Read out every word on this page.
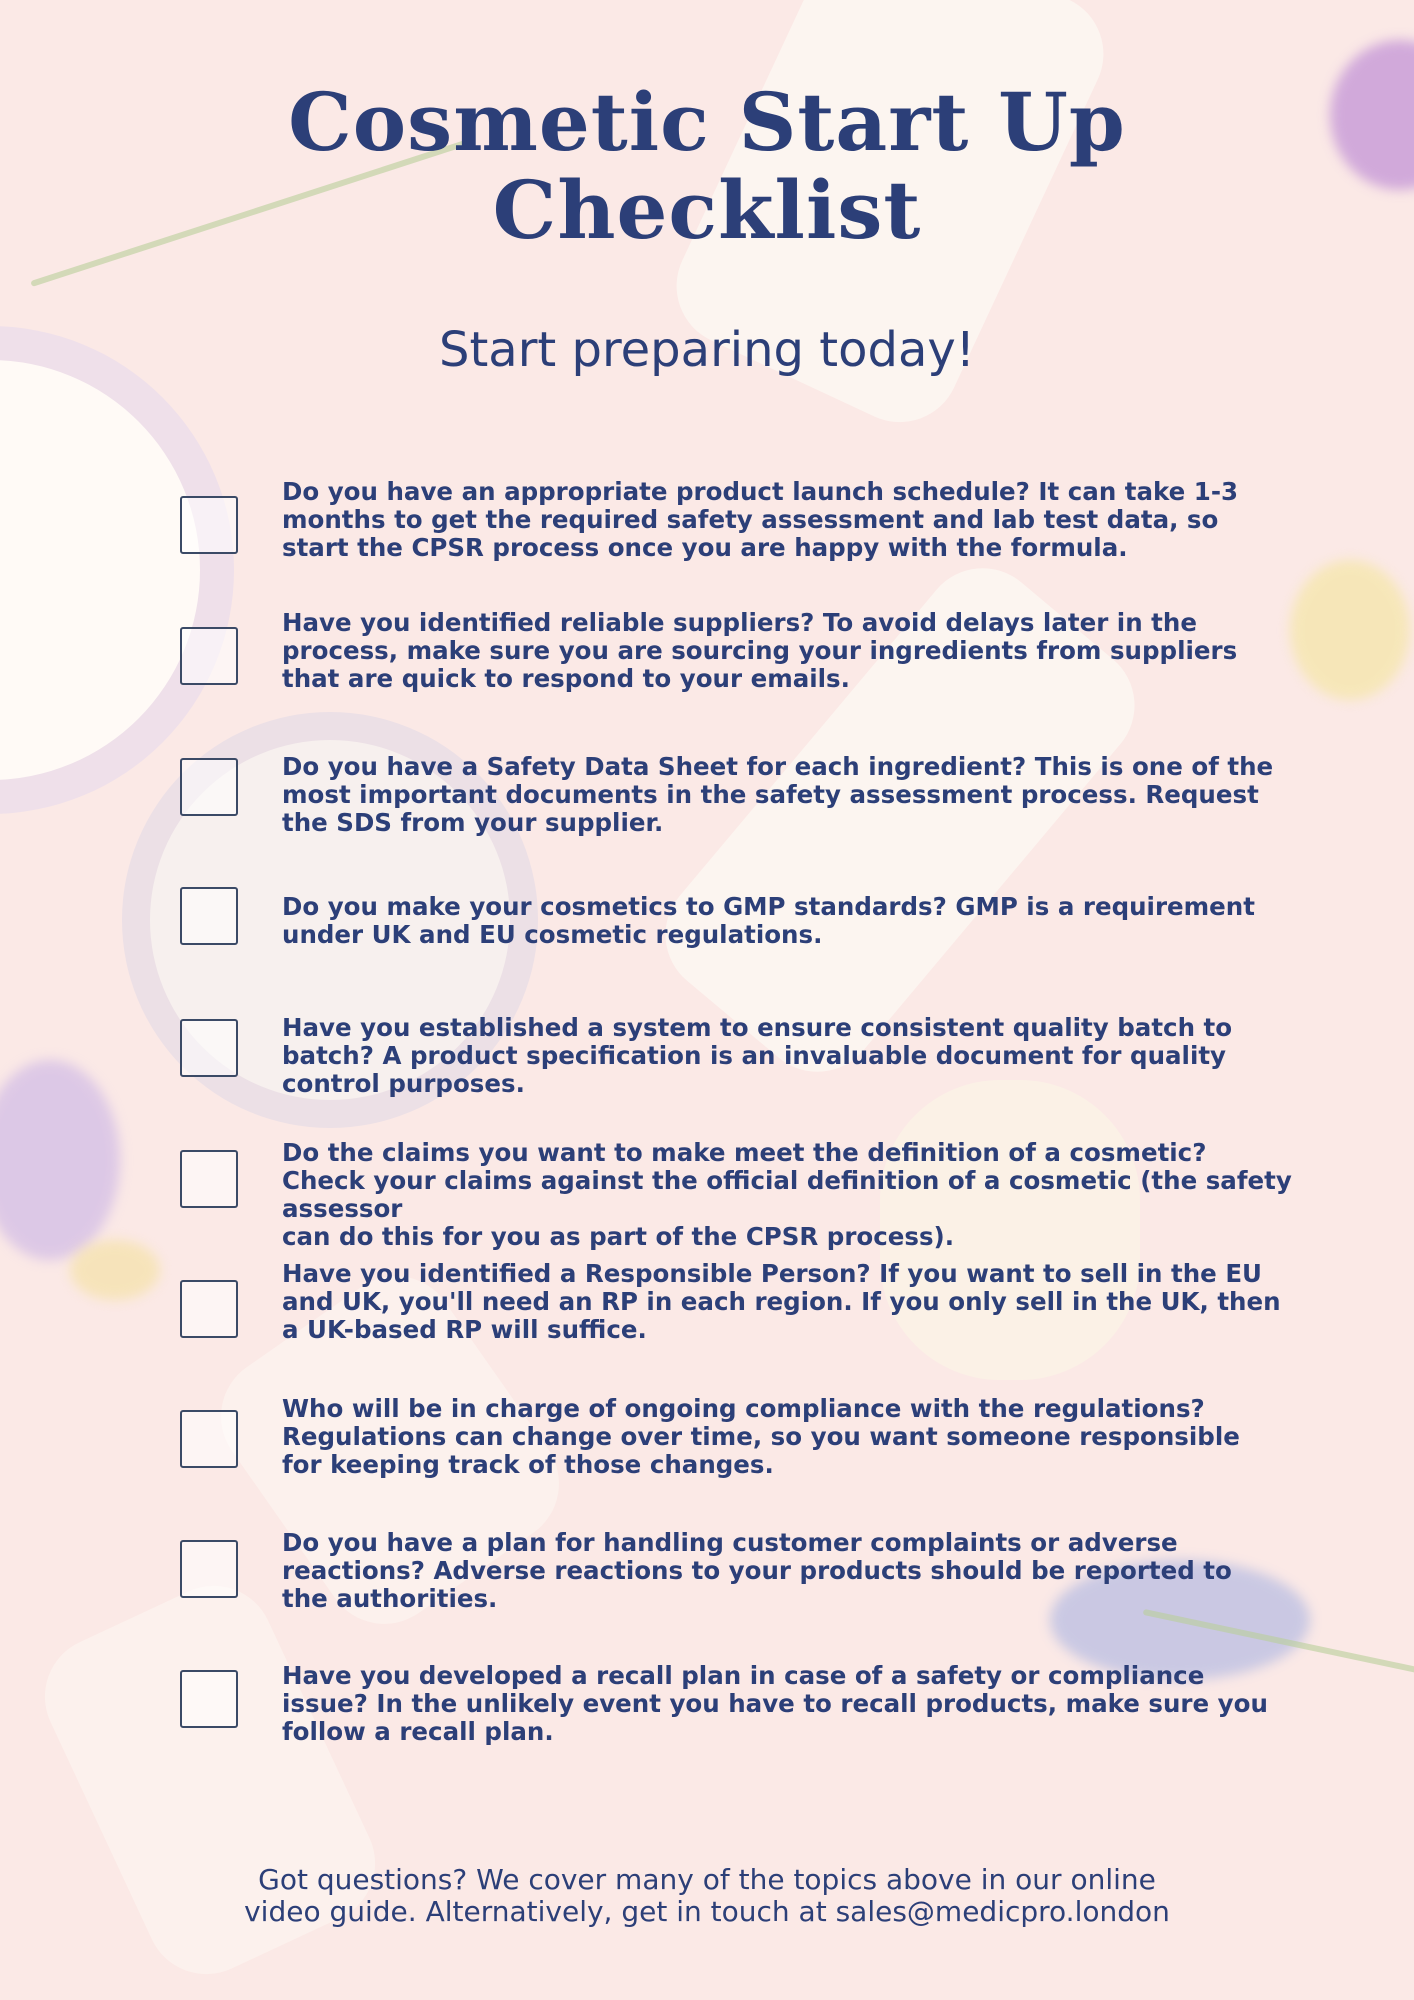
Cosmetic Start Up
Checklist
Start preparing today!

Do you have an appropriate product launch schedule? It can take 1-3
months to get the required safety assessment and lab test data, so
start the CPSR process once you are happy with the formula.

Have you identified reliable suppliers? To avoid delays later in the
process, make sure you are sourcing your ingredients from suppliers
that are quick to respond to your emails.

Do you have a Safety Data Sheet for each ingredient? This is one of the
most important documents in the safety assessment process. Request
the SDS from your supplier.

Do you make your cosmetics to GMP standards? GMP is a requirement
under UK and EU cosmetic regulations.

Have you established a system to ensure consistent quality batch to
batch? A product specification is an invaluable document for quality
control purposes.

Do the claims you want to make meet the definition of a cosmetic?
Check your claims against the official definition of a cosmetic (the safety assessor
can do this for you as part of the CPSR process).

Have you identified a Responsible Person? If you want to sell in the EU
and UK, you'll need an RP in each region. If you only sell in the UK, then
a UK-based RP will suffice.

Who will be in charge of ongoing compliance with the regulations?
Regulations can change over time, so you want someone responsible
for keeping track of those changes.

Do you have a plan for handling customer complaints or adverse
reactions? Adverse reactions to your products should be reported to
the authorities.

Have you developed a recall plan in case of a safety or compliance
issue? In the unlikely event you have to recall products, make sure you
follow a recall plan.

Got questions? We cover many of the topics above in our online
video guide. Alternatively, get in touch at sales@medicpro.london
